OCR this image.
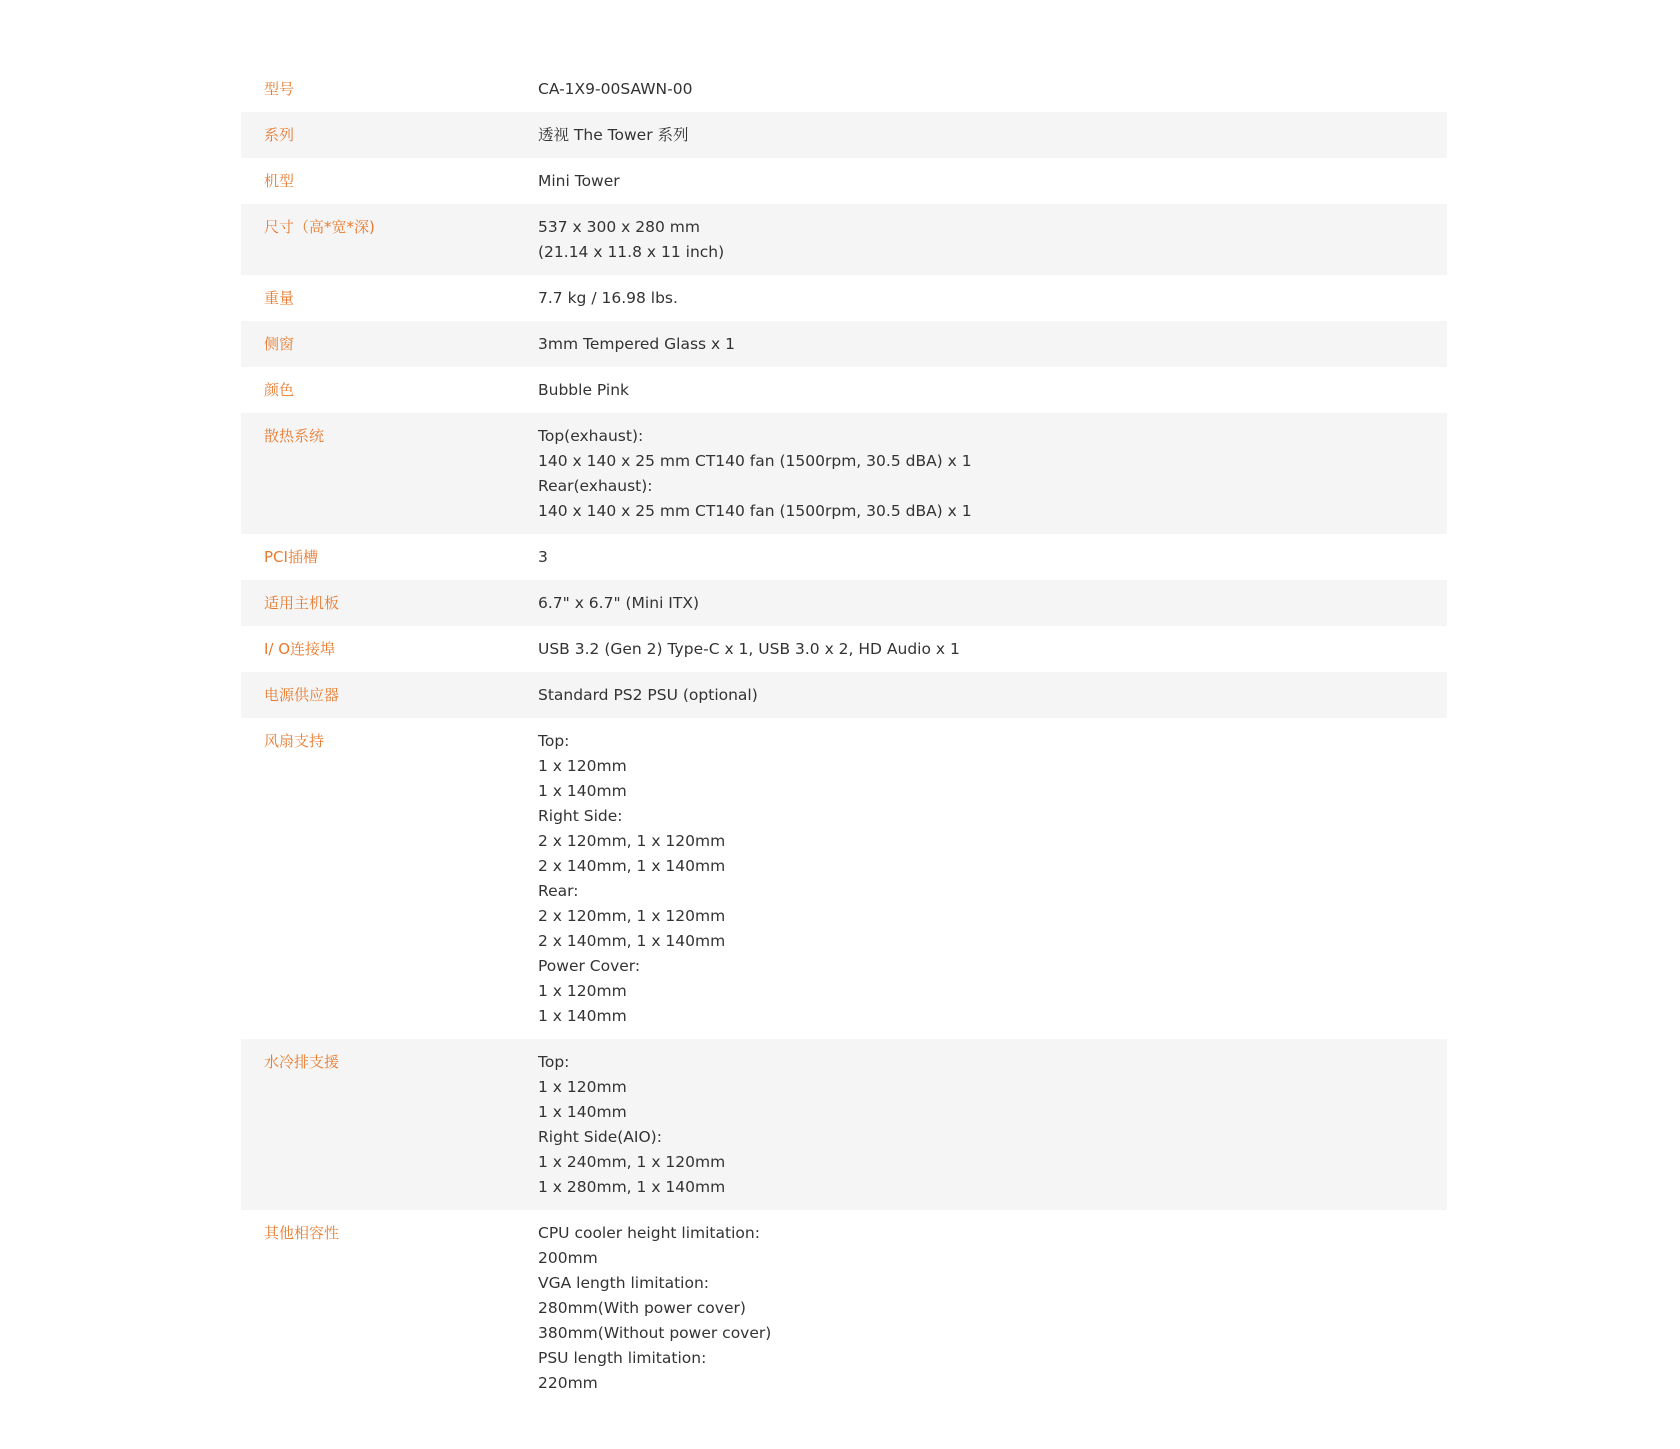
型号	CA-1X9-00SAWN-00
系列	透视 The Tower 系列
机型	Mini Tower
尺寸（高*宽*深)	537 x 300 x 280 mm
(21.14 x 11.8 x 11 inch)
重量	7.7 kg / 16.98 lbs.
侧窗	3mm Tempered Glass x 1
颜色	Bubble Pink
散热系统	Top(exhaust):
140 x 140 x 25 mm CT140 fan (1500rpm, 30.5 dBA) x 1
Rear(exhaust):
140 x 140 x 25 mm CT140 fan (1500rpm, 30.5 dBA) x 1
PCI插槽	3
适用主机板	6.7" x 6.7" (Mini ITX)
I/ O连接埠	USB 3.2 (Gen 2) Type-C x 1, USB 3.0 x 2, HD Audio x 1
电源供应器	Standard PS2 PSU (optional)
风扇支持	Top:
1 x 120mm
1 x 140mm
Right Side:
2 x 120mm, 1 x 120mm
2 x 140mm, 1 x 140mm
Rear:
2 x 120mm, 1 x 120mm
2 x 140mm, 1 x 140mm
Power Cover:
1 x 120mm
1 x 140mm
水冷排支援	Top:
1 x 120mm
1 x 140mm
Right Side(AIO):
1 x 240mm, 1 x 120mm
1 x 280mm, 1 x 140mm
其他相容性	CPU cooler height limitation:
200mm
VGA length limitation:
280mm(With power cover)
380mm(Without power cover)
PSU length limitation:
220mm
